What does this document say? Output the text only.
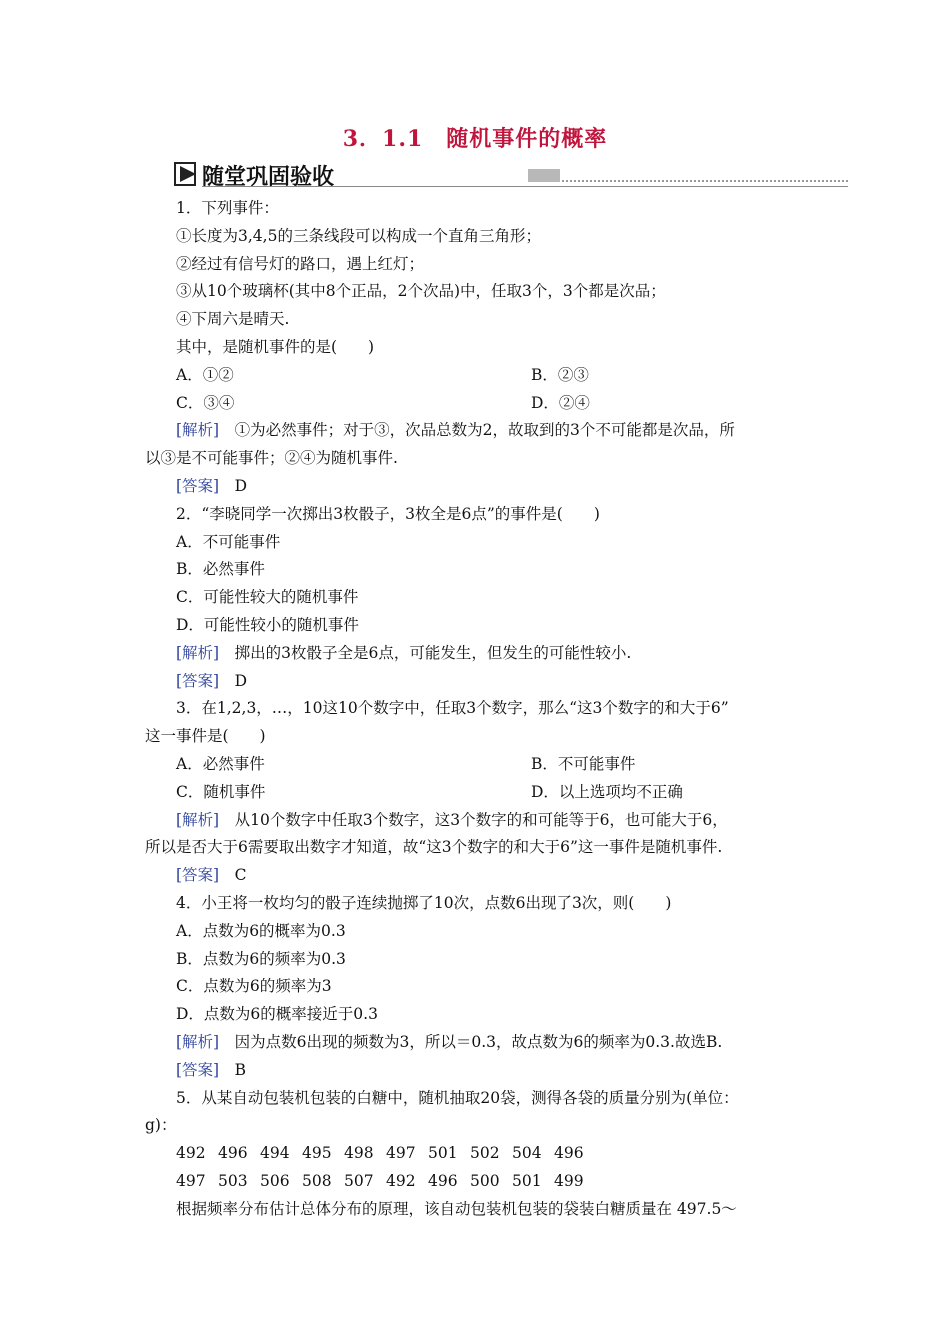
3．1.1　随机事件的概率
随堂巩固验收
1．下列事件：
①长度为3,4,5的三条线段可以构成一个直角三角形；
②经过有信号灯的路口，遇上红灯；
③从10个玻璃杯(其中8个正品，2个次品)中，任取3个，3个都是次品；
④下周六是晴天.
其中，是随机事件的是(　　)
A．①②	B．②③
C．③④	D．②④
[解析]　 ①为必然事件；对于③，次品总数为2，故取到的3个不可能都是次品，所
以③是不可能事件；②④为随机事件.
[答案]　 D
2．“李晓同学一次掷出3枚骰子，3枚全是6点”的事件是(　　)
A．不可能事件
B．必然事件
C．可能性较大的随机事件
D．可能性较小的随机事件
[解析]　 掷出的3枚骰子全是6点，可能发生，但发生的可能性较小.
[答案]　 D
3．在1,2,3，…，10这10个数字中，任取3个数字，那么“这3个数字的和大于6”
这一事件是(　　)
A．必然事件	B．不可能事件
C．随机事件	D．以上选项均不正确
[解析]　 从10个数字中任取3个数字，这3个数字的和可能等于6，也可能大于6，
所以是否大于6需要取出数字才知道，故“这3个数字的和大于6”这一事件是随机事件.
[答案]　 C
4．小王将一枚均匀的骰子连续抛掷了10次，点数6出现了3次，则(　　)
A．点数为6的概率为0.3
B．点数为6的频率为0.3
C．点数为6的频率为3
D．点数为6的概率接近于0.3
[解析]　 因为点数6出现的频数为3，所以＝0.3，故点数为6的频率为0.3.故选B.
[答案]　 B
5．从某自动包装机包装的白糖中，随机抽取20袋，测得各袋的质量分别为(单位：
g)：
492 496 494 495 498 497 501 502 504 496
497 503 506 508 507 492 496 500 501 499
根据频率分布估计总体分布的原理，该自动包装机包装的袋装白糖质量在 497.5～
